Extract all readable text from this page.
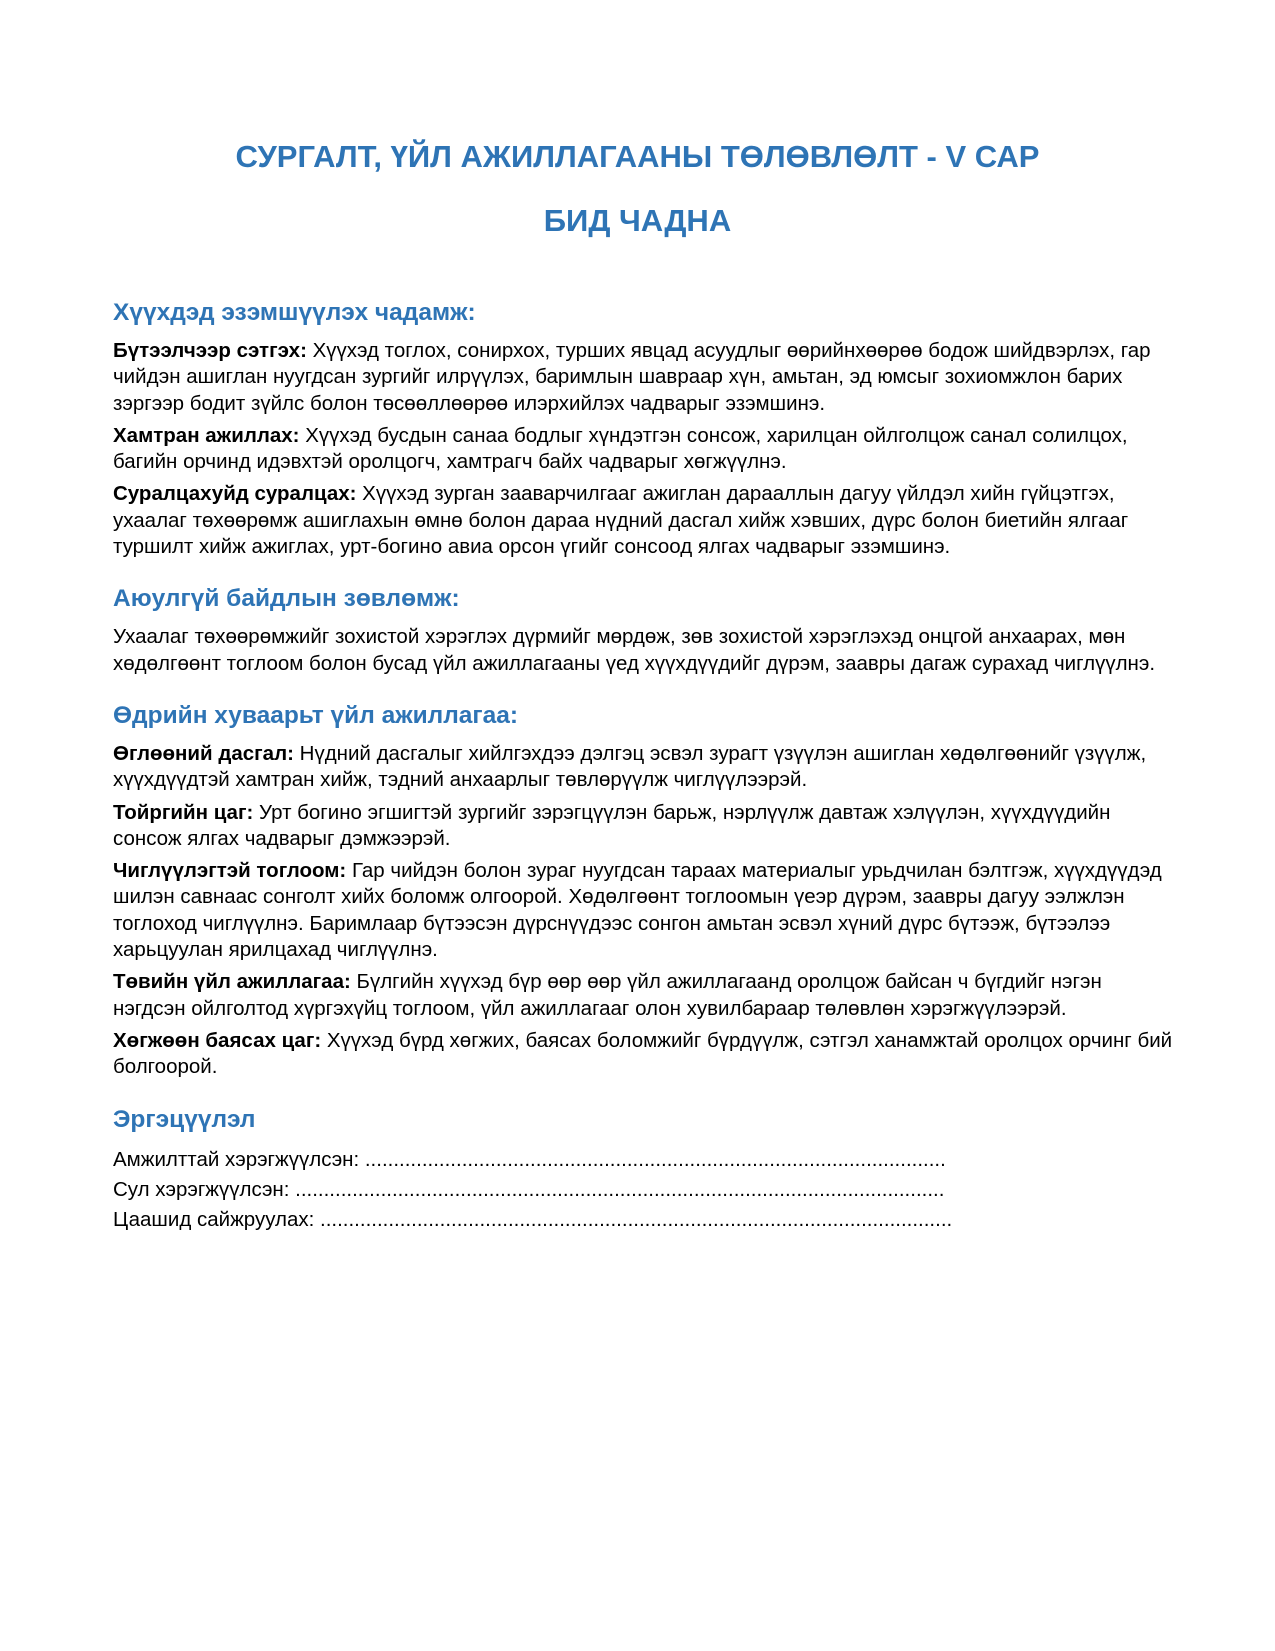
СУРГАЛТ, ҮЙЛ АЖИЛЛАГААНЫ ТӨЛӨВЛӨЛТ - V САР
БИД ЧАДНА
Хүүхдэд эзэмшүүлэх чадамж:

Бүтээлчээр сэтгэх: Хүүхэд тоглох, сонирхох, турших явцад асуудлыг өөрийнхөөрөө бодож шийдвэрлэх, гар чийдэн ашиглан нуугдсан зургийг илрүүлэх, баримлын шавраар хүн, амьтан, эд юмсыг зохиомжлон барих зэргээр бодит зүйлс болон төсөөллөөрөө илэрхийлэх чадварыг эзэмшинэ.

Хамтран ажиллах: Хүүхэд бусдын санаа бодлыг хүндэтгэн сонсож, харилцан ойлголцож санал солилцох, багийн орчинд идэвхтэй оролцогч, хамтрагч байх чадварыг хөгжүүлнэ.

Суралцахуйд суралцах: Хүүхэд зурган зааварчилгааг ажиглан дарааллын дагуу үйлдэл хийн гүйцэтгэх, ухаалаг төхөөрөмж ашиглахын өмнө болон дараа нүдний дасгал хийж хэвших, дүрс болон биетийн ялгааг туршилт хийж ажиглах, урт-богино авиа орсон үгийг сонсоод ялгах чадварыг эзэмшинэ.

Аюулгүй байдлын зөвлөмж:

Ухаалаг төхөөрөмжийг зохистой хэрэглэх дүрмийг мөрдөж, зөв зохистой хэрэглэхэд онцгой анхаарах, мөн хөдөлгөөнт тоглоом болон бусад үйл ажиллагааны үед хүүхдүүдийг дүрэм, заавры дагаж сурахад чиглүүлнэ.

Өдрийн хуваарьт үйл ажиллагаа:

Өглөөний дасгал: Нүдний дасгалыг хийлгэхдээ дэлгэц эсвэл зурагт үзүүлэн ашиглан хөдөлгөөнийг үзүүлж, хүүхдүүдтэй хамтран хийж, тэдний анхаарлыг төвлөрүүлж чиглүүлээрэй.

Тойргийн цаг: Урт богино эгшигтэй зургийг зэрэгцүүлэн барьж, нэрлүүлж давтаж хэлүүлэн, хүүхдүүдийн сонсож ялгах чадварыг дэмжээрэй.

Чиглүүлэгтэй тоглоом: Гар чийдэн болон зураг нуугдсан тараах материалыг урьдчилан бэлтгэж, хүүхдүүдэд шилэн савнаас сонголт хийх боломж олгоорой. Хөдөлгөөнт тоглоомын үеэр дүрэм, заавры дагуу ээлжлэн тоглоход чиглүүлнэ. Баримлаар бүтээсэн дүрснүүдээс сонгон амьтан эсвэл хүний дүрс бүтээж, бүтээлээ харьцуулан ярилцахад чиглүүлнэ.

Төвийн үйл ажиллагаа: Бүлгийн хүүхэд бүр өөр өөр үйл ажиллагаанд оролцож байсан ч бүгдийг нэгэн нэгдсэн ойлголтод хүргэхүйц тоглоом, үйл ажиллагааг олон хувилбараар төлөвлөн хэрэгжүүлээрэй.

Хөгжөөн баясах цаг: Хүүхэд бүрд хөгжих, баясах боломжийг бүрдүүлж, сэтгэл ханамжтай оролцох орчинг бий болгоорой.

Эргэцүүлэл

Амжилттай хэрэгжүүлсэн: ......................................................................................................

Сул хэрэгжүүлсэн: ..................................................................................................................

Цаашид сайжруулах: ...............................................................................................................
